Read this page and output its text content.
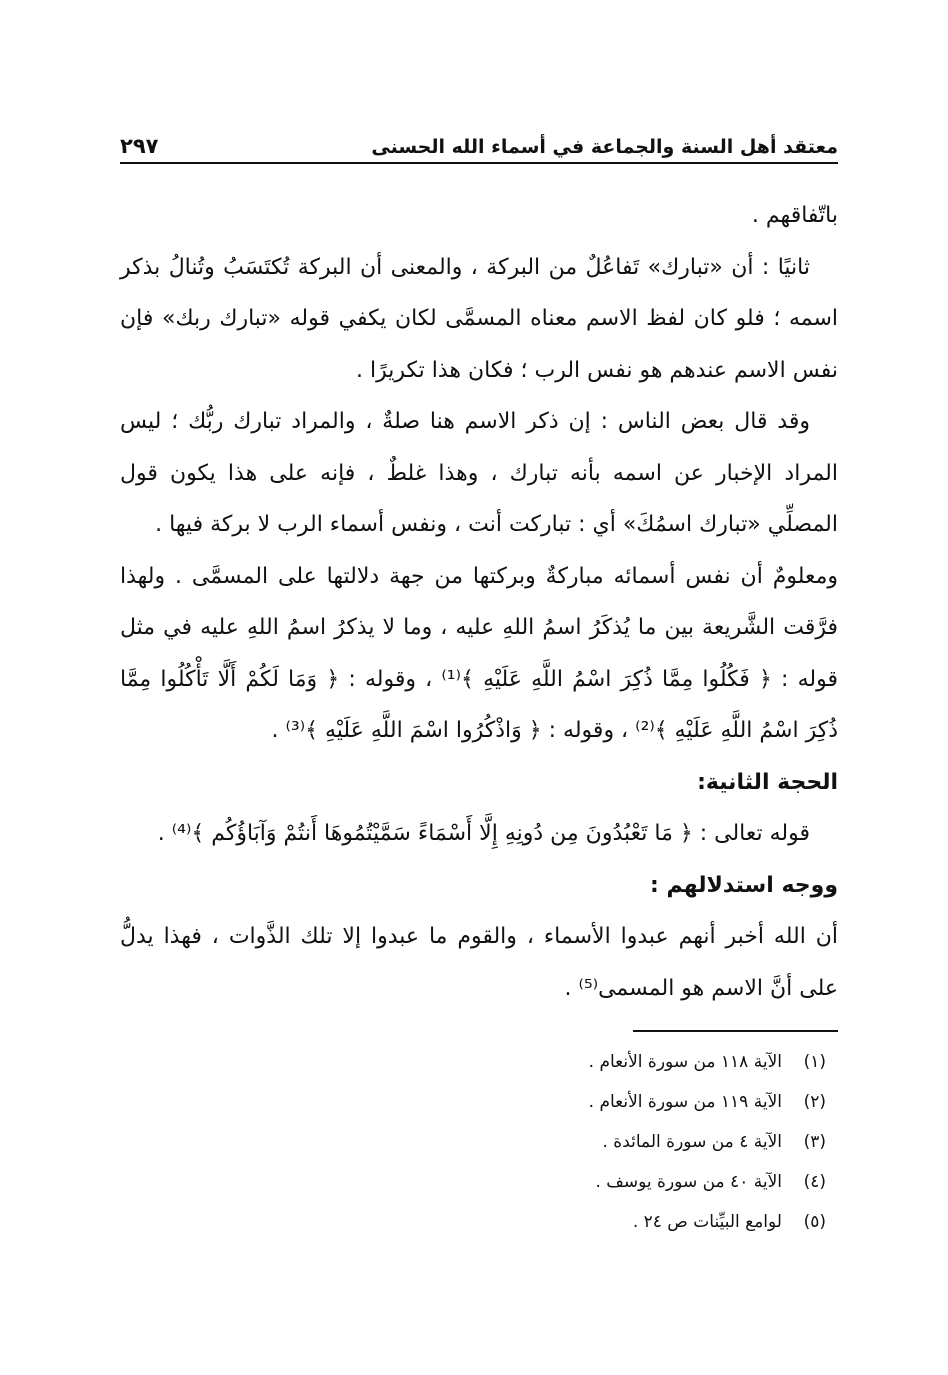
معتقد أهل السنة والجماعة في أسماء الله الحسنى
٢٩٧

باتّفاقهم .

ثانيًا : أن «تبارك» تَفاعُلٌ من البركة ، والمعنى أن البركة تُكتَسَبُ وتُنالُ بذكر اسمه ؛ فلو كان لفظ الاسم معناه المسمَّى لكان يكفي قوله «تبارك ربك» فإن نفس الاسم عندهم هو نفس الرب ؛ فكان هذا تكريرًا .

وقد قال بعض الناس : إن ذكر الاسم هنا صلةٌ ، والمراد تبارك ربُّك ؛ ليس المراد الإخبار عن اسمه بأنه تبارك ، وهذا غلطٌ ، فإنه على هذا يكون قول المصلِّي «تبارك اسمُكَ» أي : تباركت أنت ، ونفس أسماء الرب لا بركة فيها .

ومعلومٌ أن نفس أسمائه مباركةٌ وبركتها من جهة دلالتها على المسمَّى . ولهذا فرَّقت الشَّريعة بين ما يُذكَرُ اسمُ اللهِ عليه ، وما لا يذكرُ اسمُ اللهِ عليه في مثل قوله : ﴿ فَكُلُوا مِمَّا ذُكِرَ اسْمُ اللَّهِ عَلَيْهِ ﴾⁽¹⁾ ، وقوله : ﴿ وَمَا لَكُمْ أَلَّا تَأْكُلُوا مِمَّا ذُكِرَ اسْمُ اللَّهِ عَلَيْهِ ﴾⁽²⁾ ، وقوله : ﴿ وَاذْكُرُوا اسْمَ اللَّهِ عَلَيْهِ ﴾⁽³⁾ .

الحجة الثانية:

قوله تعالى : ﴿ مَا تَعْبُدُونَ مِن دُونِهِ إِلَّا أَسْمَاءً سَمَّيْتُمُوهَا أَنتُمْ وَآبَاؤُكُم ﴾⁽⁴⁾ .

ووجه استدلالهم :

أن الله أخبر أنهم عبدوا الأسماء ، والقوم ما عبدوا إلا تلك الذَّوات ، فهذا يدلُّ على أنَّ الاسم هو المسمى⁽⁵⁾ .

(١)
الآية ١١٨ من سورة الأنعام .
(٢)
الآية ١١٩ من سورة الأنعام .
(٣)
الآية ٤ من سورة المائدة .
(٤)
الآية ٤٠ من سورة يوسف .
(٥)
لوامع البيِّنات ص ٢٤ .
